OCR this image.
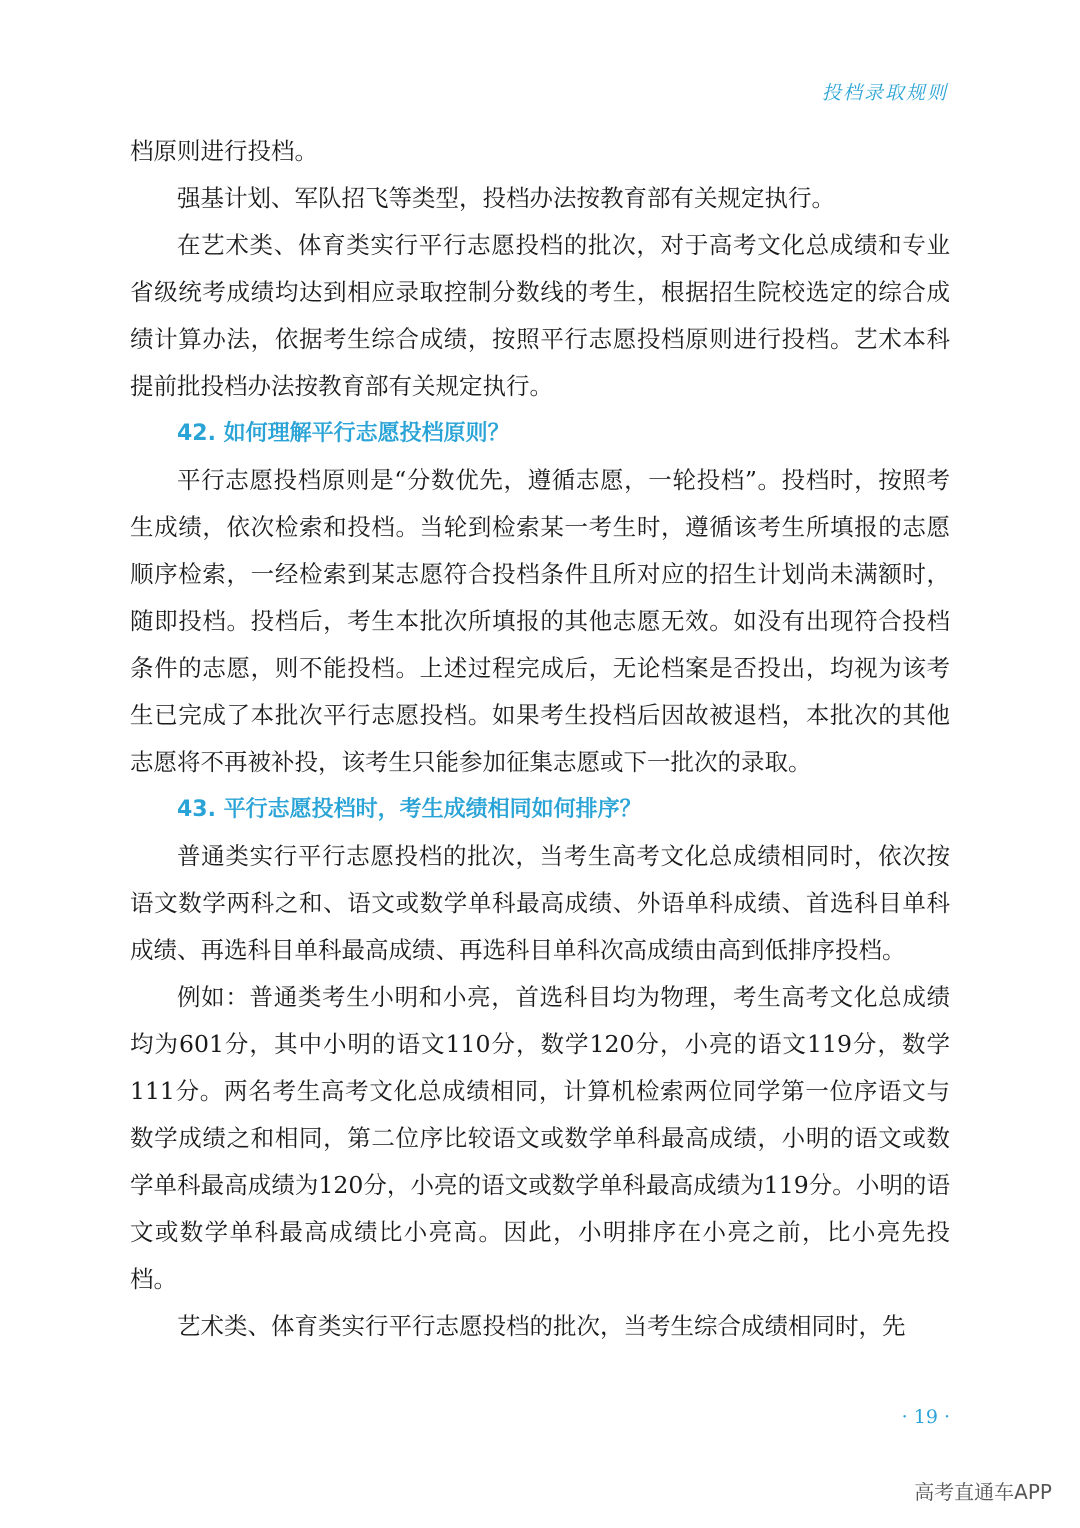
投档录取规则

档原则进行投档。

强基计划、军队招飞等类型，投档办法按教育部有关规定执行。

在艺术类、体育类实行平行志愿投档的批次，对于高考文化总成绩和专业省级统考成绩均达到相应录取控制分数线的考生，根据招生院校选定的综合成绩计算办法，依据考生综合成绩，按照平行志愿投档原则进行投档。艺术本科提前批投档办法按教育部有关规定执行。

42. 如何理解平行志愿投档原则？

平行志愿投档原则是“分数优先，遵循志愿，一轮投档”。投档时，按照考生成绩，依次检索和投档。当轮到检索某一考生时，遵循该考生所填报的志愿顺序检索，一经检索到某志愿符合投档条件且所对应的招生计划尚未满额时，随即投档。投档后，考生本批次所填报的其他志愿无效。如没有出现符合投档条件的志愿，则不能投档。上述过程完成后，无论档案是否投出，均视为该考生已完成了本批次平行志愿投档。如果考生投档后因故被退档，本批次的其他志愿将不再被补投，该考生只能参加征集志愿或下一批次的录取。

43. 平行志愿投档时，考生成绩相同如何排序？

普通类实行平行志愿投档的批次，当考生高考文化总成绩相同时，依次按语文数学两科之和、语文或数学单科最高成绩、外语单科成绩、首选科目单科成绩、再选科目单科最高成绩、再选科目单科次高成绩由高到低排序投档。

例如：普通类考生小明和小亮，首选科目均为物理，考生高考文化总成绩均为601分，其中小明的语文110分，数学120分，小亮的语文119分，数学111分。两名考生高考文化总成绩相同，计算机检索两位同学第一位序语文与数学成绩之和相同，第二位序比较语文或数学单科最高成绩，小明的语文或数学单科最高成绩为120分，小亮的语文或数学单科最高成绩为119分。小明的语文或数学单科最高成绩比小亮高。因此，小明排序在小亮之前，比小亮先投档。

艺术类、体育类实行平行志愿投档的批次，当考生综合成绩相同时，先

· 19 ·
高考直通车APP
